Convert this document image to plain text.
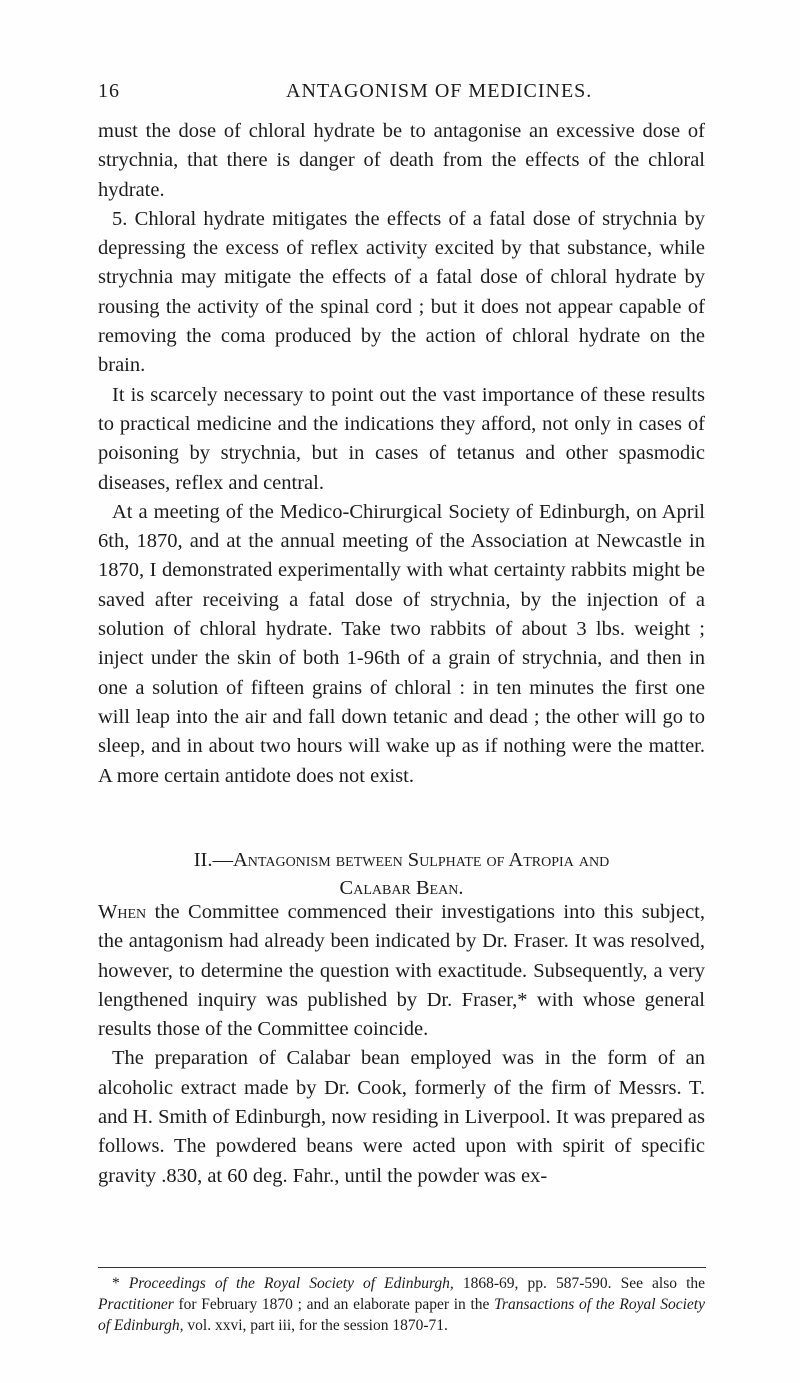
16	ANTAGONISM OF MEDICINES.

must the dose of chloral hydrate be to antagonise an excessive dose of strychnia, that there is danger of death from the effects of the chloral hydrate.

5. Chloral hydrate mitigates the effects of a fatal dose of strychnia by depressing the excess of reflex activity excited by that substance, while strychnia may mitigate the effects of a fatal dose of chloral hydrate by rousing the activity of the spinal cord ; but it does not appear capable of removing the coma produced by the action of chloral hydrate on the brain.

It is scarcely necessary to point out the vast importance of these results to practical medicine and the indications they afford, not only in cases of poisoning by strychnia, but in cases of tetanus and other spasmodic diseases, reflex and central.

At a meeting of the Medico-Chirurgical Society of Edinburgh, on April 6th, 1870, and at the annual meeting of the Association at Newcastle in 1870, I demonstrated experimentally with what certainty rabbits might be saved after receiving a fatal dose of strychnia, by the injection of a solution of chloral hydrate. Take two rabbits of about 3 lbs. weight ; inject under the skin of both 1-96th of a grain of strychnia, and then in one a solution of fifteen grains of chloral : in ten minutes the first one will leap into the air and fall down tetanic and dead ; the other will go to sleep, and in about two hours will wake up as if nothing were the matter. A more certain antidote does not exist.

II.—Antagonism between Sulphate of Atropia and
Calabar Bean.

When the Committee commenced their investigations into this subject, the antagonism had already been indicated by Dr. Fraser. It was resolved, however, to determine the question with exactitude. Subsequently, a very lengthened inquiry was published by Dr. Fraser,* with whose general results those of the Committee coincide.

The preparation of Calabar bean employed was in the form of an alcoholic extract made by Dr. Cook, formerly of the firm of Messrs. T. and H. Smith of Edinburgh, now residing in Liverpool. It was prepared as follows. The powdered beans were acted upon with spirit of specific gravity .830, at 60 deg. Fahr., until the powder was ex-

* Proceedings of the Royal Society of Edinburgh, 1868-69, pp. 587-590. See also the Practitioner for February 1870 ; and an elaborate paper in the Transactions of the Royal Society of Edinburgh, vol. xxvi, part iii, for the session 1870-71.
